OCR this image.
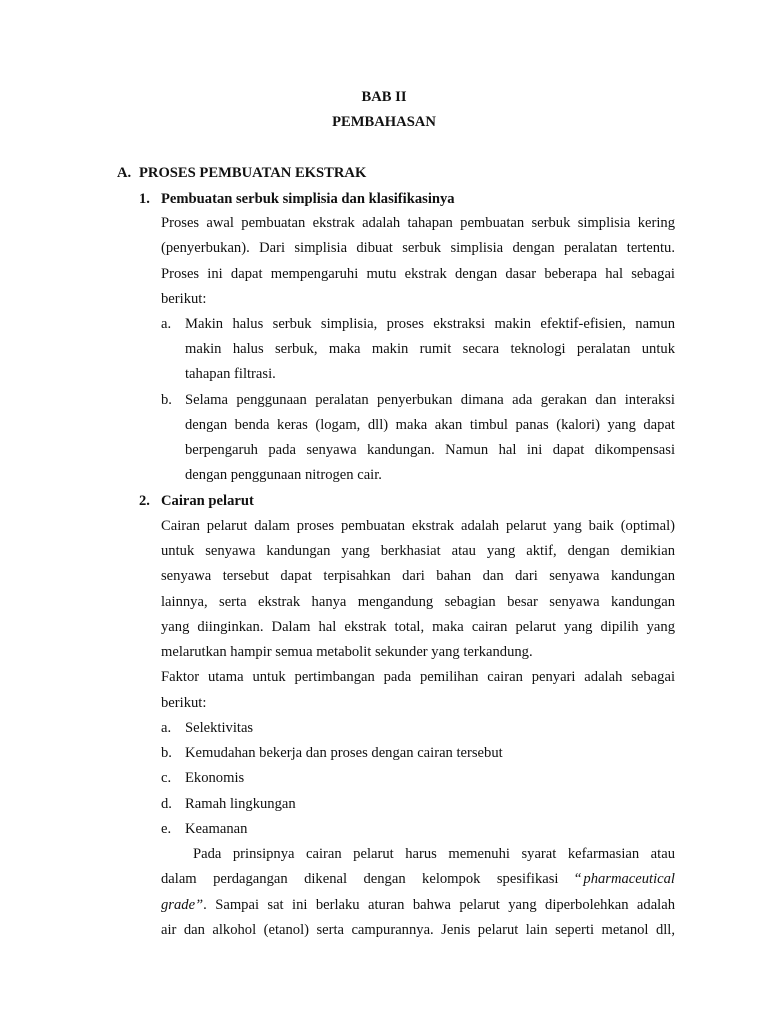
BAB II
PEMBAHASAN
A. PROSES PEMBUATAN EKSTRAK
1. Pembuatan serbuk simplisia dan klasifikasinya
Proses awal pembuatan ekstrak adalah tahapan pembuatan serbuk simplisia kering
(penyerbukan). Dari simplisia dibuat serbuk simplisia dengan peralatan tertentu.
Proses ini dapat mempengaruhi mutu ekstrak dengan dasar beberapa hal sebagai
berikut:
a. Makin halus serbuk simplisia, proses ekstraksi makin efektif-efisien, namun
makin halus serbuk, maka makin rumit secara teknologi peralatan untuk
tahapan filtrasi.
b. Selama penggunaan peralatan penyerbukan dimana ada gerakan dan interaksi
dengan benda keras (logam, dll) maka akan timbul panas (kalori) yang dapat
berpengaruh pada senyawa kandungan. Namun hal ini dapat dikompensasi
dengan penggunaan nitrogen cair.
2. Cairan pelarut
Cairan pelarut dalam proses pembuatan ekstrak adalah pelarut yang baik (optimal)
untuk senyawa kandungan yang berkhasiat atau yang aktif, dengan demikian
senyawa tersebut dapat terpisahkan dari bahan dan dari senyawa kandungan
lainnya, serta ekstrak hanya mengandung sebagian besar senyawa kandungan
yang diinginkan. Dalam hal ekstrak total, maka cairan pelarut yang dipilih yang
melarutkan hampir semua metabolit sekunder yang terkandung.
Faktor utama untuk pertimbangan pada pemilihan cairan penyari adalah sebagai
berikut:
a. Selektivitas
b. Kemudahan bekerja dan proses dengan cairan tersebut
c. Ekonomis
d. Ramah lingkungan
e. Keamanan
Pada prinsipnya cairan pelarut harus memenuhi syarat kefarmasian atau
dalam perdagangan dikenal dengan kelompok spesifikasi “ pharmaceutical
grade” . Sampai sat ini berlaku aturan bahwa pelarut yang diperbolehkan adalah
air dan alkohol (etanol) serta campurannya. Jenis pelarut lain seperti metanol dll,
